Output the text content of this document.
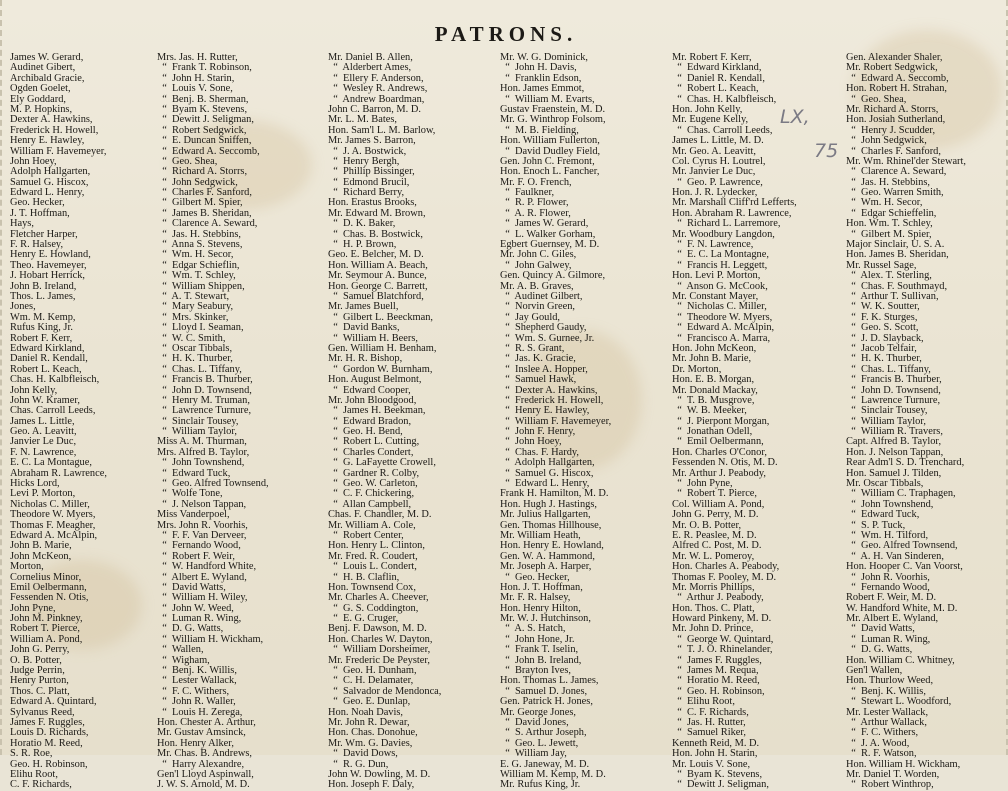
PATRONS.
LX,
75
James W. Gerard,
Audinet Gibert,
Archibald Gracie,
Ogden Goelet,
Ely Goddard,
M. P. Hopkins,
Dexter A. Hawkins,
Frederick H. Howell,
Henry E. Hawley,
William F. Havemeyer,
John Hoey,
Adolph Hallgarten,
Samuel G. Hiscox,
Edward L. Henry,
Geo. Hecker,
J. T. Hoffman,
Hays,
Fletcher Harper,
F. R. Halsey,
Henry E. Howland,
Theo. Havemeyer,
J. Hobart Herrick,
John B. Ireland,
Thos. L. James,
Jones,
Wm. M. Kemp,
Rufus King, Jr.
Robert F. Kerr,
Edward Kirkland,
Daniel R. Kendall,
Robert L. Keach,
Chas. H. Kalbfleisch,
John Kelly,
John W. Kramer,
Chas. Carroll Leeds,
James L. Little,
Geo. A. Leavitt,
Janvier Le Duc,
F. N. Lawrence,
E. C. La Montague,
Abraham R. Lawrence,
Hicks Lord,
Levi P. Morton,
Nicholas C. Miller,
Theodore W. Myers,
Thomas F. Meagher,
Edward A. McAlpin,
John B. Marie,
John McKeon,
Morton,
Cornelius Minor,
Emil Oelbermann,
Fessenden N. Otis,
John Pyne,
John M. Pinkney,
Robert T. Pierce,
William A. Pond,
John G. Perry,
O. B. Potter,
Judge Perrin,
Henry Purton,
Thos. C. Platt,
Edward A. Quintard,
Sylvanus Reed,
James F. Ruggles,
Louis D. Richards,
Horatio M. Reed,
S. R. Roe,
Geo. H. Robinson,
Elihu Root,
C. F. Richards,
Mrs. Jas. H. Rutter,
“  Frank T. Robinson,
“  John H. Starin,
“  Louis V. Sone,
“  Benj. B. Sherman,
“  Byam K. Stevens,
“  Dewitt J. Seligman,
“  Robert Sedgwick,
“  E. Duncan Sniffen,
“  Edward A. Seccomb,
“  Geo. Shea,
“  Richard A. Storrs,
“  John Sedgwick,
“  Charles F. Sanford,
“  Gilbert M. Spier,
“  James B. Sheridan,
“  Clarence A. Seward,
“  Jas. H. Stebbins,
“  Anna S. Stevens,
“  Wm. H. Secor,
“  Edgar Schieflin,
“  Wm. T. Schley,
“  William Shippen,
“  A. T. Stewart,
“  Mary Seabury,
“  Mrs. Skinker,
“  Lloyd I. Seaman,
“  W. C. Smith,
“  Oscar Tibbals,
“  H. K. Thurber,
“  Chas. L. Tiffany,
“  Francis B. Thurber,
“  John D. Townsend,
“  Henry M. Truman,
“  Lawrence Turnure,
“  Sinclair Tousey,
“  William Taylor,
Miss A. M. Thurman,
Mrs. Alfred B. Taylor,
“  John Townshend,
“  Edward Tuck,
“  Geo. Alfred Townsend,
“  Wolfe Tone,
“  J. Nelson Tappan,
Miss Vanderpoel,
Mrs. John R. Voorhis,
“  F. F. Van Derveer,
“  Fernando Wood,
“  Robert F. Weir,
“  W. Handford White,
“  Albert E. Wyland,
“  David Watts,
“  William H. Wiley,
“  John W. Weed,
“  Luman R. Wing,
“  D. G. Watts,
“  William H. Wickham,
“  Wallen,
“  Wigham,
“  Benj. K. Willis,
“  Lester Wallack,
“  F. C. Withers,
“  John R. Waller,
“  Louis H. Zerega,
Hon. Chester A. Arthur,
Mr. Gustav Amsinck,
Hon. Henry Alker,
Mr. Chas. B. Andrews,
“  Harry Alexandre,
Gen'l Lloyd Aspinwall,
J. W. S. Arnold, M. D.
Mr. Daniel B. Allen,
“  Alderbert Ames,
“  Ellery F. Anderson,
“  Wesley R. Andrews,
“  Andrew Boardman,
John C. Barron, M. D.
Mr. L. M. Bates,
Hon. Sam'l L. M. Barlow,
Mr. James S. Barron,
“  J. A. Bostwick,
“  Henry Bergh,
“  Phillip Bissinger,
“  Edmond Brucil,
“  Richard Berry,
Hon. Erastus Brooks,
Mr. Edward M. Brown,
“  D. K. Baker,
“  Chas. B. Bostwick,
“  H. P. Brown,
Geo. E. Belcher, M. D.
Hon. William A. Beach,
Mr. Seymour A. Bunce,
Hon. George C. Barrett,
“  Samuel Blatchford,
Mr. James Buell,
“  Gilbert L. Beeckman,
“  David Banks,
“  William H. Beers,
Gen. William H. Benham,
Mr. H. R. Bishop,
“  Gordon W. Burnham,
Hon. August Belmont,
“  Edward Cooper,
Mr. John Bloodgood,
“  James H. Beekman,
“  Edward Bradon,
“  Geo. H. Bend,
“  Robert L. Cutting,
“  Charles Condert,
“  G. LaFayette Crowell,
“  Gardner R. Colby,
“  Geo. W. Carleton,
“  C. F. Chickering,
“  Allan Campbell,
Chas. F. Chandler, M. D.
Mr. William A. Cole,
“  Robert Center,
Hon. Henry L. Clinton,
Mr. Fred. R. Coudert,
“  Louis L. Condert,
“  H. B. Claflin,
Hon. Townsend Cox,
Mr. Charles A. Cheever,
“  G. S. Coddington,
“  E. G. Cruger,
Benj. F. Dawson, M. D.
Hon. Charles W. Dayton,
“  William Dorsheimer,
Mr. Frederic De Peyster,
“  Geo. H. Dunham,
“  C. H. Delamater,
“  Salvador de Mendonca,
“  Geo. E. Dunlap,
Hon. Noah Davis,
Mr. John R. Dewar,
Hon. Chas. Donohue,
Mr. Wm. G. Davies,
“  David Dows,
“  R. G. Dun,
John W. Dowling, M. D.
Hon. Joseph F. Daly,
Mr. W. G. Dominick,
“  John H. Davis,
“  Franklin Edson,
Hon. James Emmot,
“  William M. Evarts,
Gustav Fraenstein, M. D.
Mr. G. Winthrop Folsom,
“  M. B. Fielding,
Hon. William Fullerton,
“  David Dudley Field,
Gen. John C. Fremont,
Hon. Enoch L. Fancher,
Mr. F. O. French,
“  Faulkner,
“  R. P. Flower,
“  A. R. Flower,
“  James W. Gerard,
“  L. Walker Gorham,
Egbert Guernsey, M. D.
Mr. John C. Giles,
“  John Galwey,
Gen. Quincy A. Gilmore,
Mr. A. B. Graves,
“  Audinet Gilbert,
“  Norvin Green,
“  Jay Gould,
“  Shepherd Gaudy,
“  Wm. S. Gurnee, Jr.
“  R. S. Grant,
“  Jas. K. Gracie,
“  Inslee A. Hopper,
“  Samuel Hawk,
“  Dexter A. Hawkins,
“  Frederick H. Howell,
“  Henry E. Hawley,
“  William F. Havemeyer,
“  John F. Henry,
“  John Hoey,
“  Chas. F. Hardy,
“  Adolph Hallgarten,
“  Samuel G. Hiscox,
“  Edward L. Henry,
Frank H. Hamilton, M. D.
Hon. Hugh J. Hastings,
Mr. Julius Hallgarten,
Gen. Thomas Hillhouse,
Mr. William Heath,
Hon. Henry E. Howland,
Gen. W. A. Hammond,
Mr. Joseph A. Harper,
“  Geo. Hecker,
Hon. J. T. Hoffman,
Mr. F. R. Halsey,
Hon. Henry Hilton,
Mr. W. J. Hutchinson,
“  A. S. Hatch,
“  John Hone, Jr.
“  Frank T. Iselin,
“  John B. Ireland,
“  Brayton Ives,
Hon. Thomas L. James,
“  Samuel D. Jones,
Gen. Patrick H. Jones,
Mr. George Jones,
“  David Jones,
“  S. Arthur Joseph,
“  Geo. L. Jewett,
“  William Jay,
E. G. Janeway, M. D.
William M. Kemp, M. D.
Mr. Rufus King, Jr.
Mr. Robert F. Kerr,
“  Edward Kirkland,
“  Daniel R. Kendall,
“  Robert L. Keach,
“  Chas. H. Kalbfleisch,
Hon. John Kelly,
Mr. Eugene Kelly,
“  Chas. Carroll Leeds,
James L. Little, M. D.
Mr. Geo. A. Leavitt,
Col. Cyrus H. Loutrel,
Mr. Janvier Le Duc,
“  Geo. P. Lawrence,
Hon. J. R. Lydecker,
Mr. Marshall Cliff'rd Lefferts,
Hon. Abraham R. Lawrence,
“  Richard L. Larremore,
Mr. Woodbury Langdon,
“  F. N. Lawrence,
“  E. C. La Montagne,
“  Francis H. Leggett,
Hon. Levi P. Morton,
“  Anson G. McCook,
Mr. Constant Mayer,
“  Nicholas C. Miller,
“  Theodore W. Myers,
“  Edward A. McAlpin,
“  Francisco A. Marra,
Hon. John McKeon,
Mr. John B. Marie,
Dr. Morton,
Hon. E. B. Morgan,
Mr. Donald Mackay,
“  T. B. Musgrove,
“  W. B. Meeker,
“  J. Pierpont Morgan,
“  Jonathan Odell,
“  Emil Oelbermann,
Hon. Charles O'Conor,
Fessenden N. Otis, M. D.
Mr. Arthur J. Peabody,
“  John Pyne,
“  Robert T. Pierce,
Col. William A. Pond,
John G. Perry, M. D.
Mr. O. B. Potter,
E. R. Peaslee, M. D.
Alfred C. Post, M. D.
Mr. W. L. Pomeroy,
Hon. Charles A. Peabody,
Thomas F. Pooley, M. D.
Mr. Morris Phillips,
“  Arthur J. Peabody,
Hon. Thos. C. Platt,
Howard Pinkeny, M. D.
Mr. John D. Prince,
“  George W. Quintard,
“  T. J. O. Rhinelander,
“  James F. Ruggles,
“  James M. Requa,
“  Horatio M. Reed,
“  Geo. H. Robinson,
“  Elihu Root,
“  C. F. Richards,
“  Jas. H. Rutter,
“  Samuel Riker,
Kenneth Reid, M. D.
Hon. John H. Starin,
Mr. Louis V. Sone,
“  Byam K. Stevens,
“  Dewitt J. Seligman,
Gen. Alexander Shaler,
Mr. Robert Sedgwick,
“  Edward A. Seccomb,
Hon. Robert H. Strahan,
“  Geo. Shea,
Mr. Richard A. Storrs,
Hon. Josiah Sutherland,
“  Henry J. Scudder,
“  John Sedgwick,
“  Charles F. Sanford,
Mr. Wm. Rhinel'der Stewart,
“  Clarence A. Seward,
“  Jas. H. Stebbins,
“  Geo. Warren Smith,
“  Wm. H. Secor,
“  Edgar Schieffelin,
Hon. Wm. T. Schley,
“  Gilbert M. Spier,
Major Sinclair, U. S. A.
Hon. James B. Sheridan,
Mr. Russel Sage,
“  Alex. T. Sterling,
“  Chas. F. Southmayd,
“  Arthur T. Sullivan,
“  W. K. Soutter,
“  F. K. Sturges,
“  Geo. S. Scott,
“  J. D. Slayback,
“  Jacob Telfair,
“  H. K. Thurber,
“  Chas. L. Tiffany,
“  Francis B. Thurber,
“  John D. Townsend,
“  Lawrence Turnure,
“  Sinclair Tousey,
“  William Taylor,
“  William R. Travers,
Capt. Alfred B. Taylor,
Hon. J. Nelson Tappan,
Rear Adm'l S. D. Trenchard,
Hon. Samuel J. Tilden,
Mr. Oscar Tibbals,
“  William C. Traphagen,
“  John Townshend,
“  Edward Tuck,
“  S. P. Tuck,
“  Wm. H. Tilford,
“  Geo. Alfred Townsend,
“  A. H. Van Sinderen,
Hon. Hooper C. Van Voorst,
“  John R. Voorhis,
“  Fernando Wood,
Robert F. Weir, M. D.
W. Handford White, M. D.
Mr. Albert E. Wyland,
“  David Watts,
“  Luman R. Wing,
“  D. G. Watts,
Hon. William C. Whitney,
Gen'l Wallen,
Hon. Thurlow Weed,
“  Benj. K. Willis,
“  Stewart L. Woodford,
Mr. Lester Wallack,
“  Arthur Wallack,
“  F. C. Withers,
“  J. A. Wood,
“  R. F. Watson,
Hon. William H. Wickham,
Mr. Daniel T. Worden,
“  Robert Winthrop,
